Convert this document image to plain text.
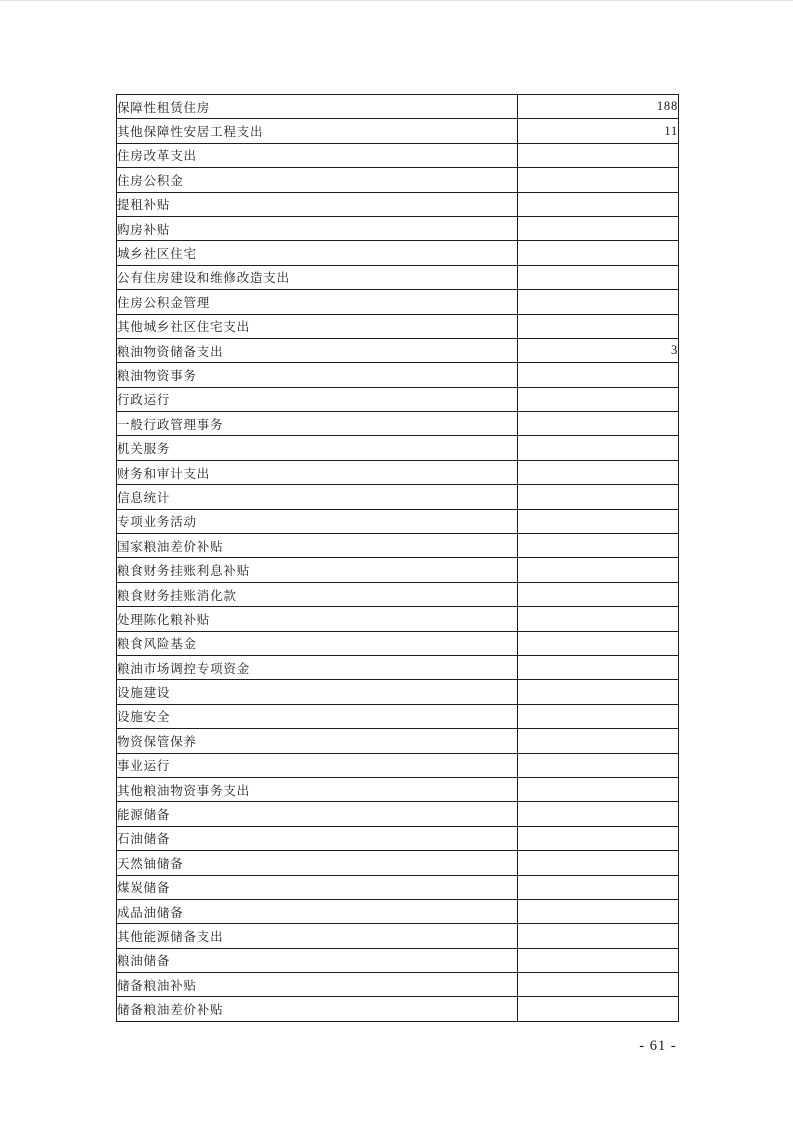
保障性租赁住房	188
其他保障性安居工程支出	11
住房改革支出	
住房公积金	
提租补贴	
购房补贴	
城乡社区住宅	
公有住房建设和维修改造支出	
住房公积金管理	
其他城乡社区住宅支出	
粮油物资储备支出	3
粮油物资事务	
行政运行	
一般行政管理事务	
机关服务	
财务和审计支出	
信息统计	
专项业务活动	
国家粮油差价补贴	
粮食财务挂账利息补贴	
粮食财务挂账消化款	
处理陈化粮补贴	
粮食风险基金	
粮油市场调控专项资金	
设施建设	
设施安全	
物资保管保养	
事业运行	
其他粮油物资事务支出	
能源储备	
石油储备	
天然铀储备	
煤炭储备	
成品油储备	
其他能源储备支出	
粮油储备	
储备粮油补贴	
储备粮油差价补贴	
- 61 -
